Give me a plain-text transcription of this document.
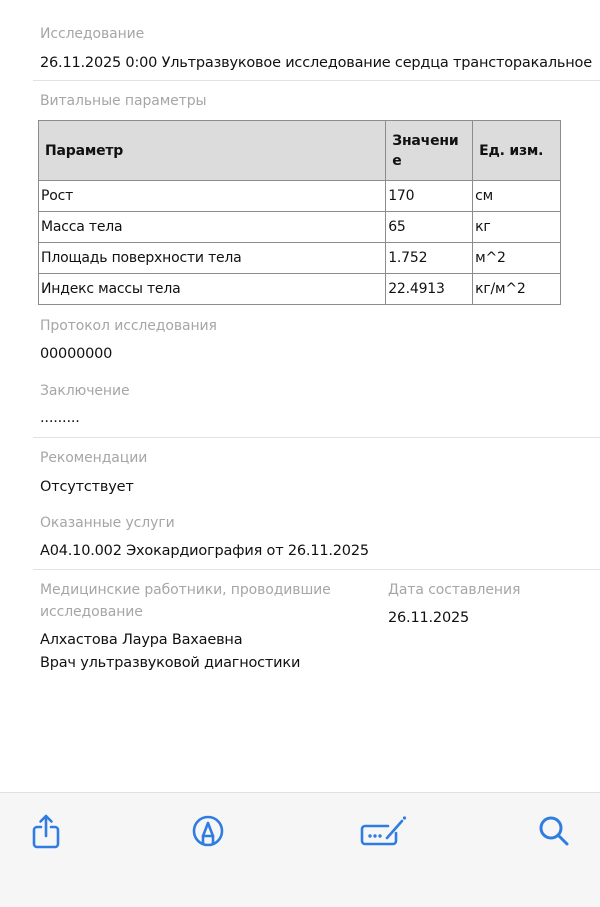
Исследование
26.11.2025 0:00 Ультразвуковое исследование сердца трансторакальное
Витальные параметры
Параметр	Значение	Ед. изм.
Рост	170	см
Масса тела	65	кг
Площадь поверхности тела	1.752	м^2
Индекс массы тела	22.4913	кг/м^2
Протокол исследования
00000000
Заключение
.........
Рекомендации
Отсутствует
Оказанные услуги
A04.10.002 Эхокардиография от 26.11.2025
Медицинские работники, проводившие
исследование
Алхастова Лаура Вахаевна
Врач ультразвуковой диагностики
Дата составления
26.11.2025
